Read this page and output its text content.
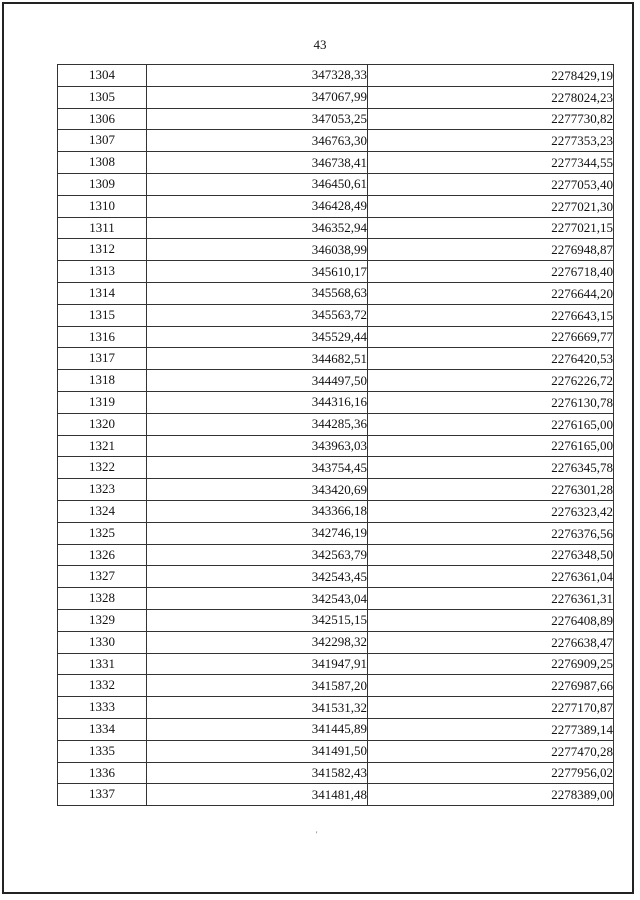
43
1304	347328,33	2278429,19
1305	347067,99	2278024,23
1306	347053,25	2277730,82
1307	346763,30	2277353,23
1308	346738,41	2277344,55
1309	346450,61	2277053,40
1310	346428,49	2277021,30
1311	346352,94	2277021,15
1312	346038,99	2276948,87
1313	345610,17	2276718,40
1314	345568,63	2276644,20
1315	345563,72	2276643,15
1316	345529,44	2276669,77
1317	344682,51	2276420,53
1318	344497,50	2276226,72
1319	344316,16	2276130,78
1320	344285,36	2276165,00
1321	343963,03	2276165,00
1322	343754,45	2276345,78
1323	343420,69	2276301,28
1324	343366,18	2276323,42
1325	342746,19	2276376,56
1326	342563,79	2276348,50
1327	342543,45	2276361,04
1328	342543,04	2276361,31
1329	342515,15	2276408,89
1330	342298,32	2276638,47
1331	341947,91	2276909,25
1332	341587,20	2276987,66
1333	341531,32	2277170,87
1334	341445,89	2277389,14
1335	341491,50	2277470,28
1336	341582,43	2277956,02
1337	341481,48	2278389,00
'
